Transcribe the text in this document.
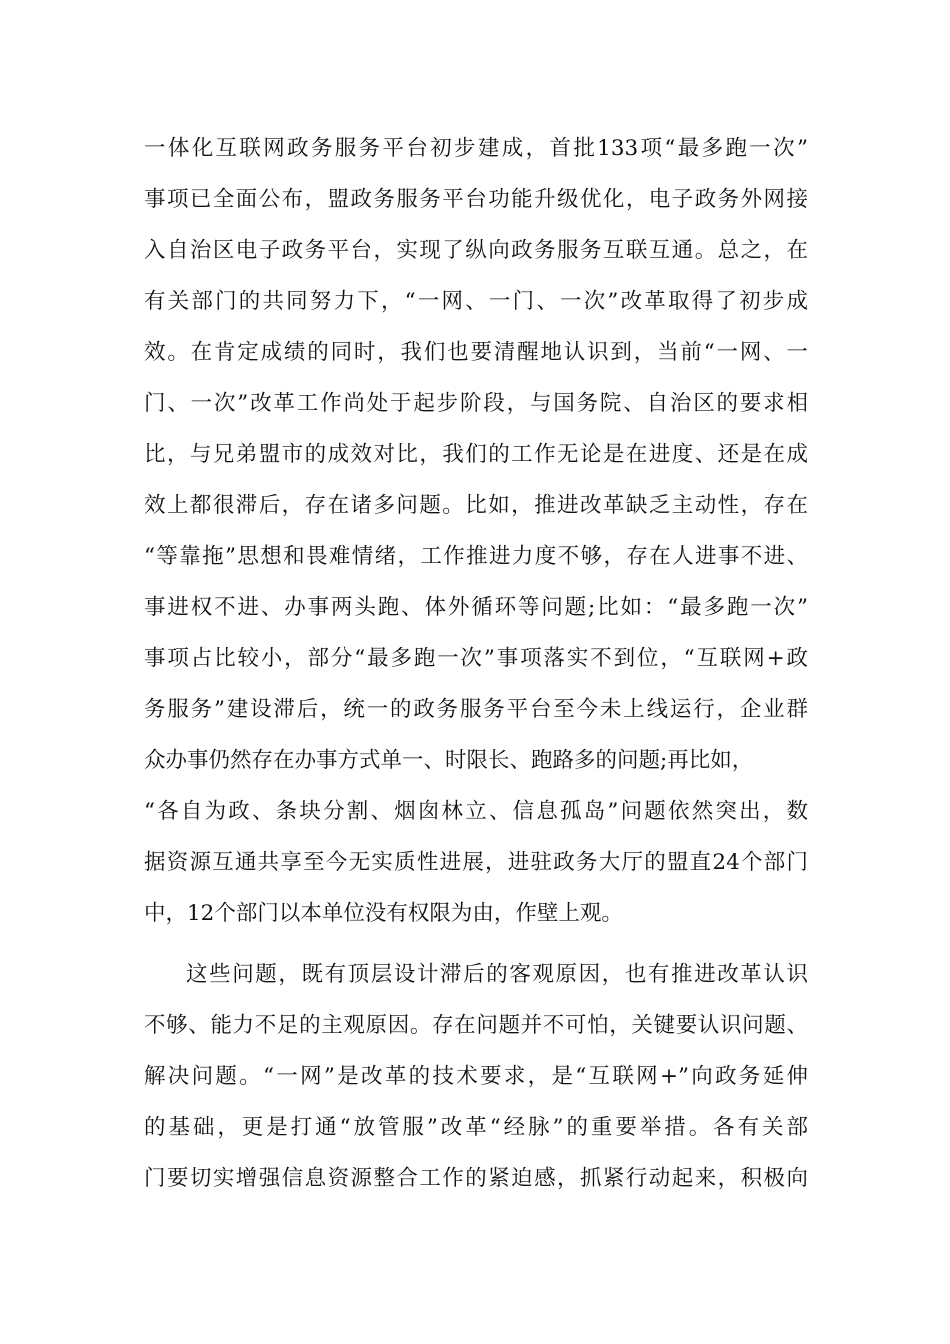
一体化互联网政务服务平台初步建成，首批133项“最多跑一次”
事项已全面公布，盟政务服务平台功能升级优化，电子政务外网接
入自治区电子政务平台，实现了纵向政务服务互联互通。总之，在
有关部门的共同努力下，“一网、一门、一次”改革取得了初步成
效。在肯定成绩的同时，我们也要清醒地认识到，当前“一网、一
门、一次”改革工作尚处于起步阶段，与国务院、自治区的要求相
比，与兄弟盟市的成效对比，我们的工作无论是在进度、还是在成
效上都很滞后，存在诸多问题。比如，推进改革缺乏主动性，存在
“等靠拖”思想和畏难情绪，工作推进力度不够，存在人进事不进、
事进权不进、办事两头跑、体外循环等问题;比如：“最多跑一次”
事项占比较小，部分“最多跑一次”事项落实不到位，“互联网+政
务服务”建设滞后，统一的政务服务平台至今未上线运行，企业群
众办事仍然存在办事方式单一、时限长、跑路多的问题;再比如，
“各自为政、条块分割、烟囱林立、信息孤岛”问题依然突出，数
据资源互通共享至今无实质性进展，进驻政务大厅的盟直24个部门
中，12个部门以本单位没有权限为由，作壁上观。
这些问题，既有顶层设计滞后的客观原因，也有推进改革认识
不够、能力不足的主观原因。存在问题并不可怕，关键要认识问题、
解决问题。“一网”是改革的技术要求，是“互联网+”向政务延伸
的基础，更是打通“放管服”改革“经脉”的重要举措。各有关部
门要切实增强信息资源整合工作的紧迫感，抓紧行动起来，积极向
